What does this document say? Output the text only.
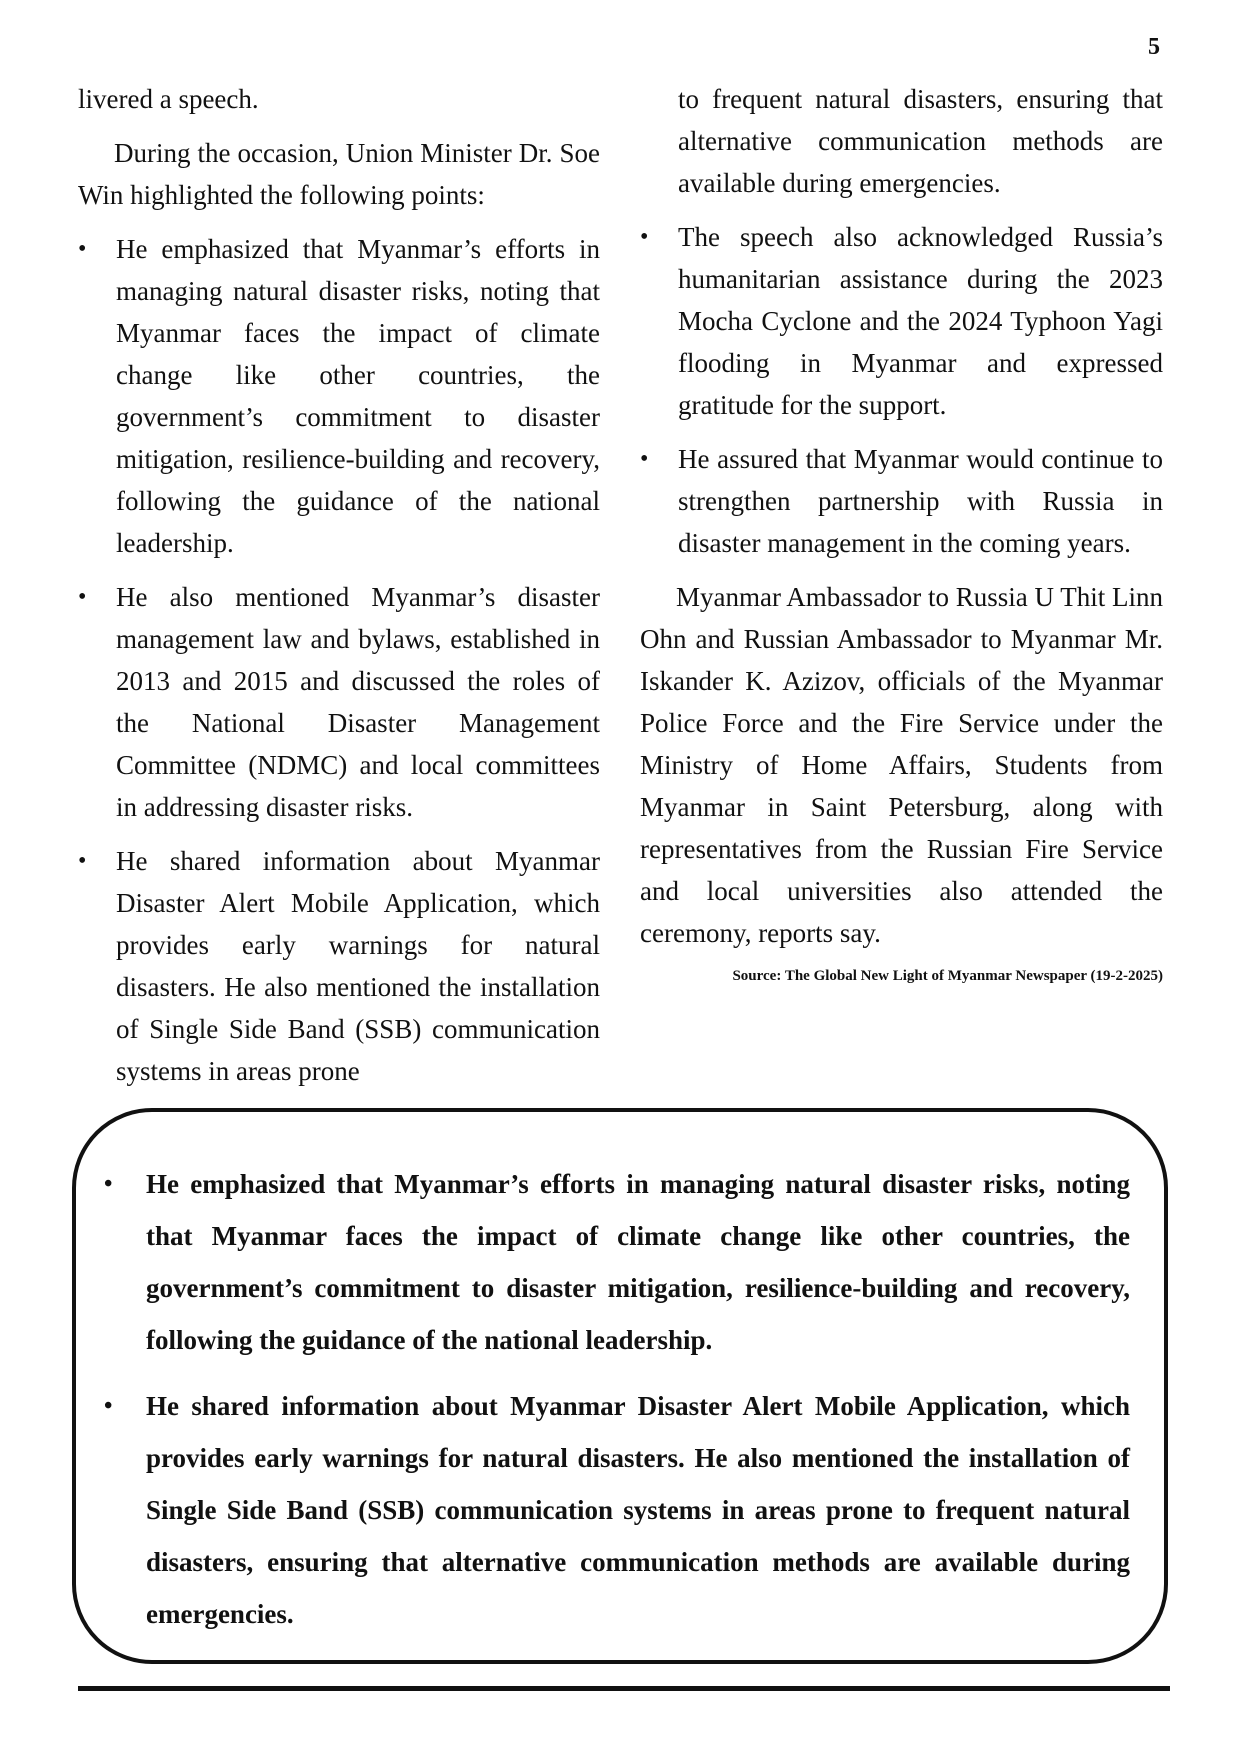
5

livered a speech.

During the occasion, Union Minister Dr. Soe Win highlighted the following points:

• He emphasized that Myanmar’s efforts in managing natural disaster risks, noting that Myanmar faces the impact of climate change like other countries, the government’s commitment to disaster mitigation, resilience-building and recovery, following the guidance of the national leadership.
• He also mentioned Myanmar’s disaster management law and bylaws, established in 2013 and 2015 and discussed the roles of the National Disaster Management Committee (NDMC) and local committees in addressing disaster risks.
• He shared information about Myanmar Disaster Alert Mobile Application, which provides early warnings for natural disasters. He also mentioned the installation of Single Side Band (SSB) communication systems in areas prone
to frequent natural disasters, ensuring that alternative communication methods are available during emergencies.
• The speech also acknowledged Russia’s humanitarian assistance during the 2023 Mocha Cyclone and the 2024 Typhoon Yagi flooding in Myanmar and expressed gratitude for the support.
• He assured that Myanmar would continue to strengthen partnership with Russia in disaster management in the coming years.

Myanmar Ambassador to Russia U Thit Linn Ohn and Russian Ambassador to Myanmar Mr. Iskander K. Azizov, officials of the Myanmar Police Force and the Fire Service under the Ministry of Home Affairs, Students from Myanmar in Saint Petersburg, along with representatives from the Russian Fire Service and local universities also attended the ceremony, reports say.

Source: The Global New Light of Myanmar Newspaper (19-2-2025)
• He emphasized that Myanmar’s efforts in managing natural disaster risks, noting that Myanmar faces the impact of climate change like other countries, the government’s commitment to disaster mitigation, resilience-building and recovery, following the guidance of the national leadership.
• He shared information about Myanmar Disaster Alert Mobile Application, which provides early warnings for natural disasters. He also mentioned the installation of Single Side Band (SSB) communication systems in areas prone to frequent natural disasters, ensuring that alternative communication methods are available during emergencies.
